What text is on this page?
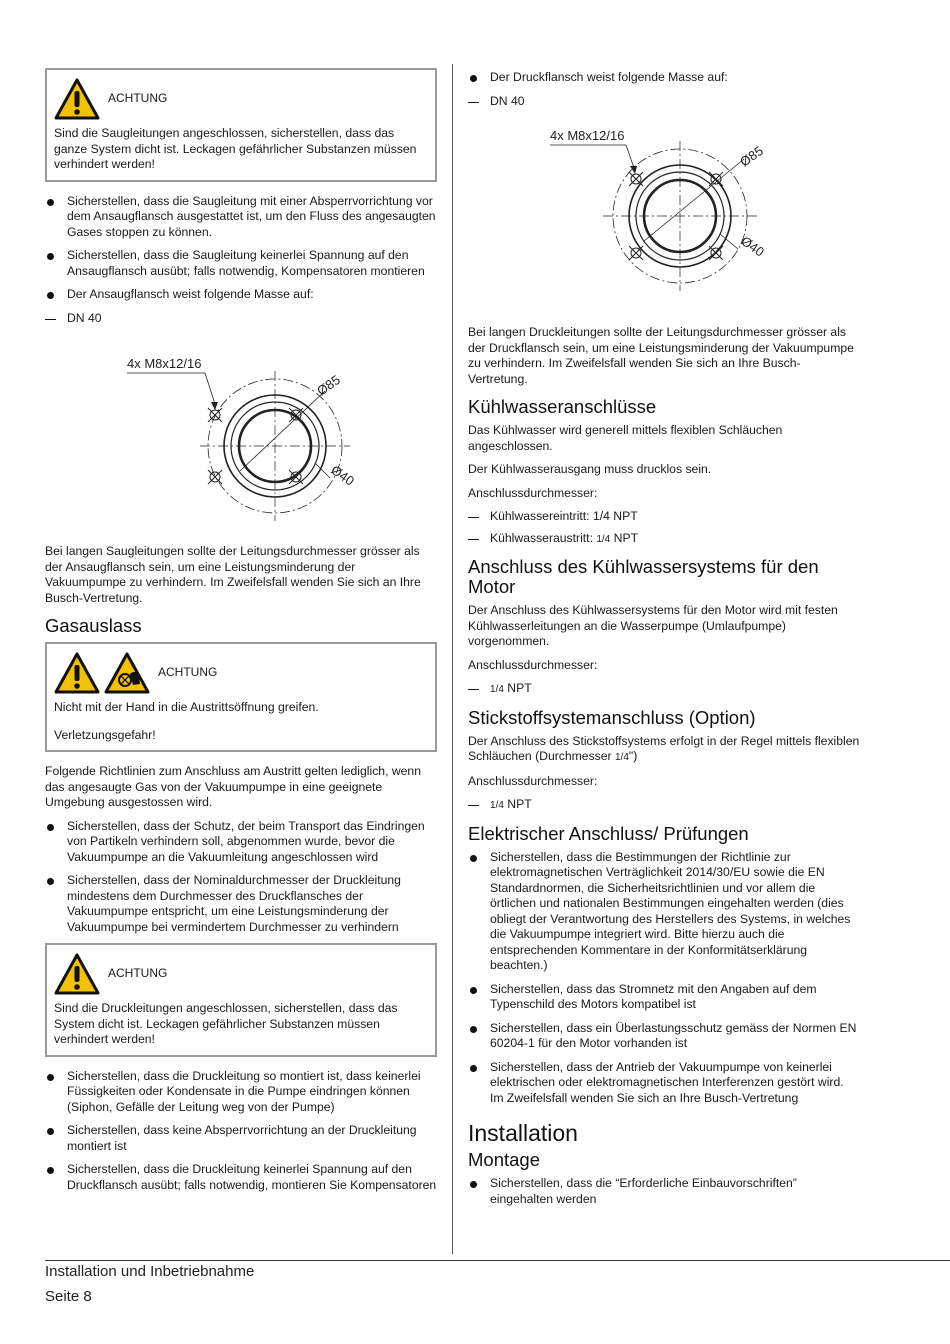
ACHTUNG

Sind die Saugleitungen angeschlossen, sicherstellen, dass das ganze System dicht ist. Leckagen gefährlicher Substanzen müssen verhindert werden!

Sicherstellen, dass die Saugleitung mit einer Absperrvorrichtung vor dem Ansaugflansch ausgestattet ist, um den Fluss des angesaugten Gases stoppen zu können.
Sicherstellen, dass die Saugleitung keinerlei Spannung auf den Ansaugflansch ausübt; falls notwendig, Kompensatoren montieren
Der Ansaugflansch weist folgende Masse auf:
DN 40
4x M8x12/16
Ø85
Ø40

Bei langen Saugleitungen sollte der Leitungsdurchmesser grösser als der Ansaugflansch sein, um eine Leistungsminderung der Vakuumpumpe zu verhindern. Im Zweifelsfall wenden Sie sich an Ihre Busch-Vertretung.

Gasauslass
ACHTUNG

Nicht mit der Hand in die Austrittsöffnung greifen.

Verletzungsgefahr!

Folgende Richtlinien zum Anschluss am Austritt gelten lediglich, wenn das angesaugte Gas von der Vakuumpumpe in eine geeignete Umgebung ausgestossen wird.

Sicherstellen, dass der Schutz, der beim Transport das Eindringen von Partikeln verhindern soll, abgenommen wurde, bevor die Vakuumpumpe an die Vakuumleitung angeschlossen wird
Sicherstellen, dass der Nominaldurchmesser der Druckleitung mindestens dem Durchmesser des Druckflansches der Vakuumpumpe entspricht, um eine Leistungsminderung der Vakuumpumpe bei vermindertem Durchmesser zu verhindern
ACHTUNG

Sind die Druckleitungen angeschlossen, sicherstellen, dass das System dicht ist. Leckagen gefährlicher Substanzen müssen verhindert werden!

Sicherstellen, dass die Druckleitung so montiert ist, dass keinerlei Füssigkeiten oder Kondensate in die Pumpe eindringen können (Siphon, Gefälle der Leitung weg von der Pumpe)
Sicherstellen, dass keine Absperrvorrichtung an der Druckleitung montiert ist
Sicherstellen, dass die Druckleitung keinerlei Spannung auf den Druckflansch ausübt; falls notwendig, montieren Sie Kompensatoren
Der Druckflansch weist folgende Masse auf:
DN 40
4x M8x12/16
Ø85
Ø40

Bei langen Druckleitungen sollte der Leitungsdurchmesser grösser als der Druckflansch sein, um eine Leistungsminderung der Vakuumpumpe zu verhindern. Im Zweifelsfall wenden Sie sich an Ihre Busch-Vertretung.

Kühlwasseranschlüsse

Das Kühlwasser wird generell mittels flexiblen Schläuchen angeschlossen.

Der Kühlwasserausgang muss drucklos sein.

Anschlussdurchmesser:

Kühlwassereintritt: 1/4 NPT
Kühlwasseraustritt: 1/4 NPT
Anschluss des Kühlwassersystems für den Motor

Der Anschluss des Kühlwassersystems für den Motor wird mit festen Kühlwasserleitungen an die Wasserpumpe (Umlaufpumpe) vorgenommen.

Anschlussdurchmesser:

1/4 NPT
Stickstoffsystemanschluss (Option)

Der Anschluss des Stickstoffsystems erfolgt in der Regel mittels flexiblen Schläuchen (Durchmesser 1/4")

Anschlussdurchmesser:

1/4 NPT
Elektrischer Anschluss/ Prüfungen
Sicherstellen, dass die Bestimmungen der Richtlinie zur elektromagnetischen Verträglichkeit 2014/30/EU sowie die EN Standardnormen, die Sicherheitsrichtlinien und vor allem die örtlichen und nationalen Bestimmungen eingehalten werden (dies obliegt der Verantwortung des Herstellers des Systems, in welches die Vakuumpumpe integriert wird. Bitte hierzu auch die entsprechenden Kommentare in der Konformitätserklärung beachten.)
Sicherstellen, dass das Stromnetz mit den Angaben auf dem Typenschild des Motors kompatibel ist
Sicherstellen, dass ein Überlastungsschutz gemäss der Normen EN 60204-1 für den Motor vorhanden ist
Sicherstellen, dass der Antrieb der Vakuumpumpe von keinerlei elektrischen oder elektromagnetischen Interferenzen gestört wird. Im Zweifelsfall wenden Sie sich an Ihre Busch-Vertretung
Installation
Montage
Sicherstellen, dass die “Erforderliche Einbauvorschriften” eingehalten werden
Installation und Inbetriebnahme
Seite 8
